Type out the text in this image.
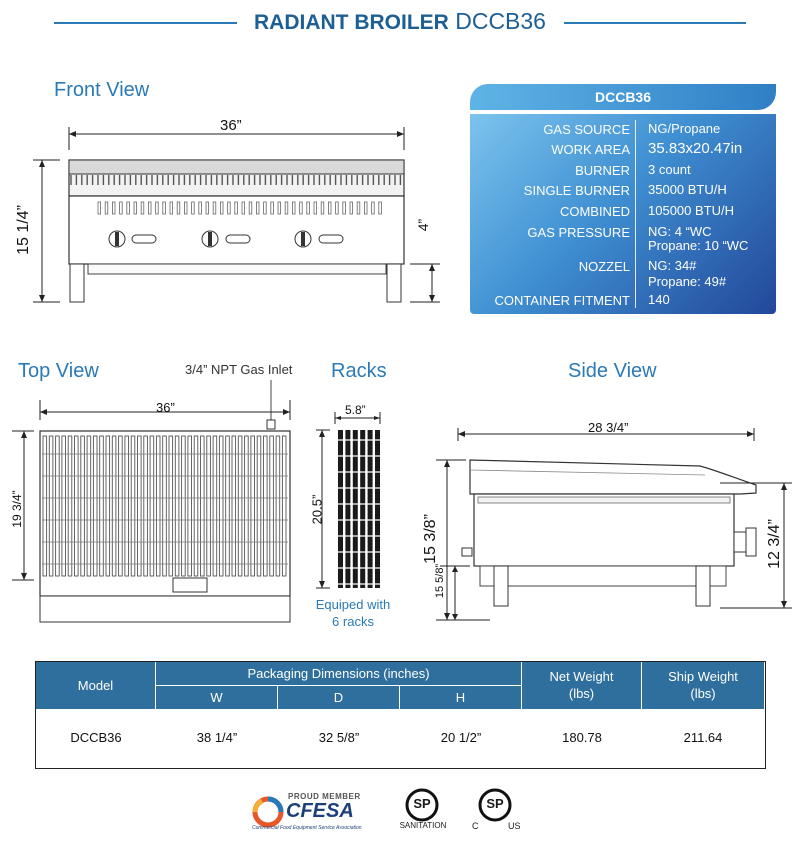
RADIANT BROILER DCCB36
Front View
36”
15 1/4”	4”
DCCB36
GAS SOURCE NG/Propane
WORK AREA 35.83x20.47in
BURNER 3 count
SINGLE BURNER 35000 BTU/H
COMBINED 105000 BTU/H
GAS PRESSURE NG: 4 “WC
Propane: 10 “WC
NOZZEL NG: 34#
Propane: 49#
CONTAINER FITMENT 140
Top View	3/4” NPT Gas Inlet
36”
19 3/4”
Racks
5.8”
20.5”
Equiped with
6 racks
Side View
28 3/4”
15 3/8”
15 5/8”
12 3/4”
Model
Packaging Dimensions (inches)
W	D	H
Net Weight
(lbs)
Ship Weight
(lbs)
DCCB36	38 1/4”	32 5/8”	20 1/2”	180.78	211.64
PROUD MEMBER
CFESA
Commercial Food Equipment Service Association
SP
SANITATION
SP
C	US
